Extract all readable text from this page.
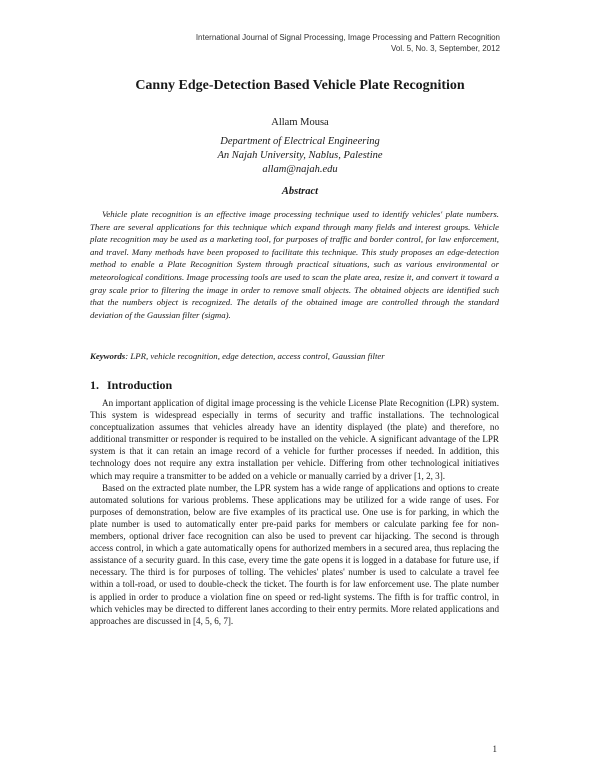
International Journal of Signal Processing, Image Processing and Pattern Recognition
Vol. 5, No. 3, September, 2012
Canny Edge-Detection Based Vehicle Plate Recognition
Allam Mousa
Department of Electrical Engineering
An Najah University, Nablus, Palestine
allam@najah.edu
Abstract
Vehicle plate recognition is an effective image processing technique used to identify vehicles' plate numbers. There are several applications for this technique which expand through many fields and interest groups. Vehicle plate recognition may be used as a marketing tool, for purposes of traffic and border control, for law enforcement, and travel. Many methods have been proposed to facilitate this technique. This study proposes an edge-detection method to enable a Plate Recognition System through practical situations, such as various environmental or meteorological conditions. Image processing tools are used to scan the plate area, resize it, and convert it toward a gray scale prior to filtering the image in order to remove small objects. The obtained objects are identified such that the numbers object is recognized. The details of the obtained image are controlled through the standard deviation of the Gaussian filter (sigma).
Keywords: LPR, vehicle recognition, edge detection, access control, Gaussian filter
1. Introduction

An important application of digital image processing is the vehicle License Plate Recognition (LPR) system. This system is widespread especially in terms of security and traffic installations. The technological conceptualization assumes that vehicles already have an identity displayed (the plate) and therefore, no additional transmitter or responder is required to be installed on the vehicle. A significant advantage of the LPR system is that it can retain an image record of a vehicle for further processes if needed. In addition, this technology does not require any extra installation per vehicle. Differing from other technological initiatives which may require a transmitter to be added on a vehicle or manually carried by a driver [1, 2, 3].

Based on the extracted plate number, the LPR system has a wide range of applications and options to create automated solutions for various problems. These applications may be utilized for a wide range of uses. For purposes of demonstration, below are five examples of its practical use. One use is for parking, in which the plate number is used to automatically enter pre-paid parks for members or calculate parking fee for non-members, optional driver face recognition can also be used to prevent car hijacking. The second is through access control, in which a gate automatically opens for authorized members in a secured area, thus replacing the assistance of a security guard. In this case, every time the gate opens it is logged in a database for future use, if necessary. The third is for purposes of tolling. The vehicles' plates' number is used to calculate a travel fee within a toll-road, or used to double-check the ticket. The fourth is for law enforcement use. The plate number is applied in order to produce a violation fine on speed or red-light systems. The fifth is for traffic control, in which vehicles may be directed to different lanes according to their entry permits. More related applications and approaches are discussed in [4, 5, 6, 7].

1
